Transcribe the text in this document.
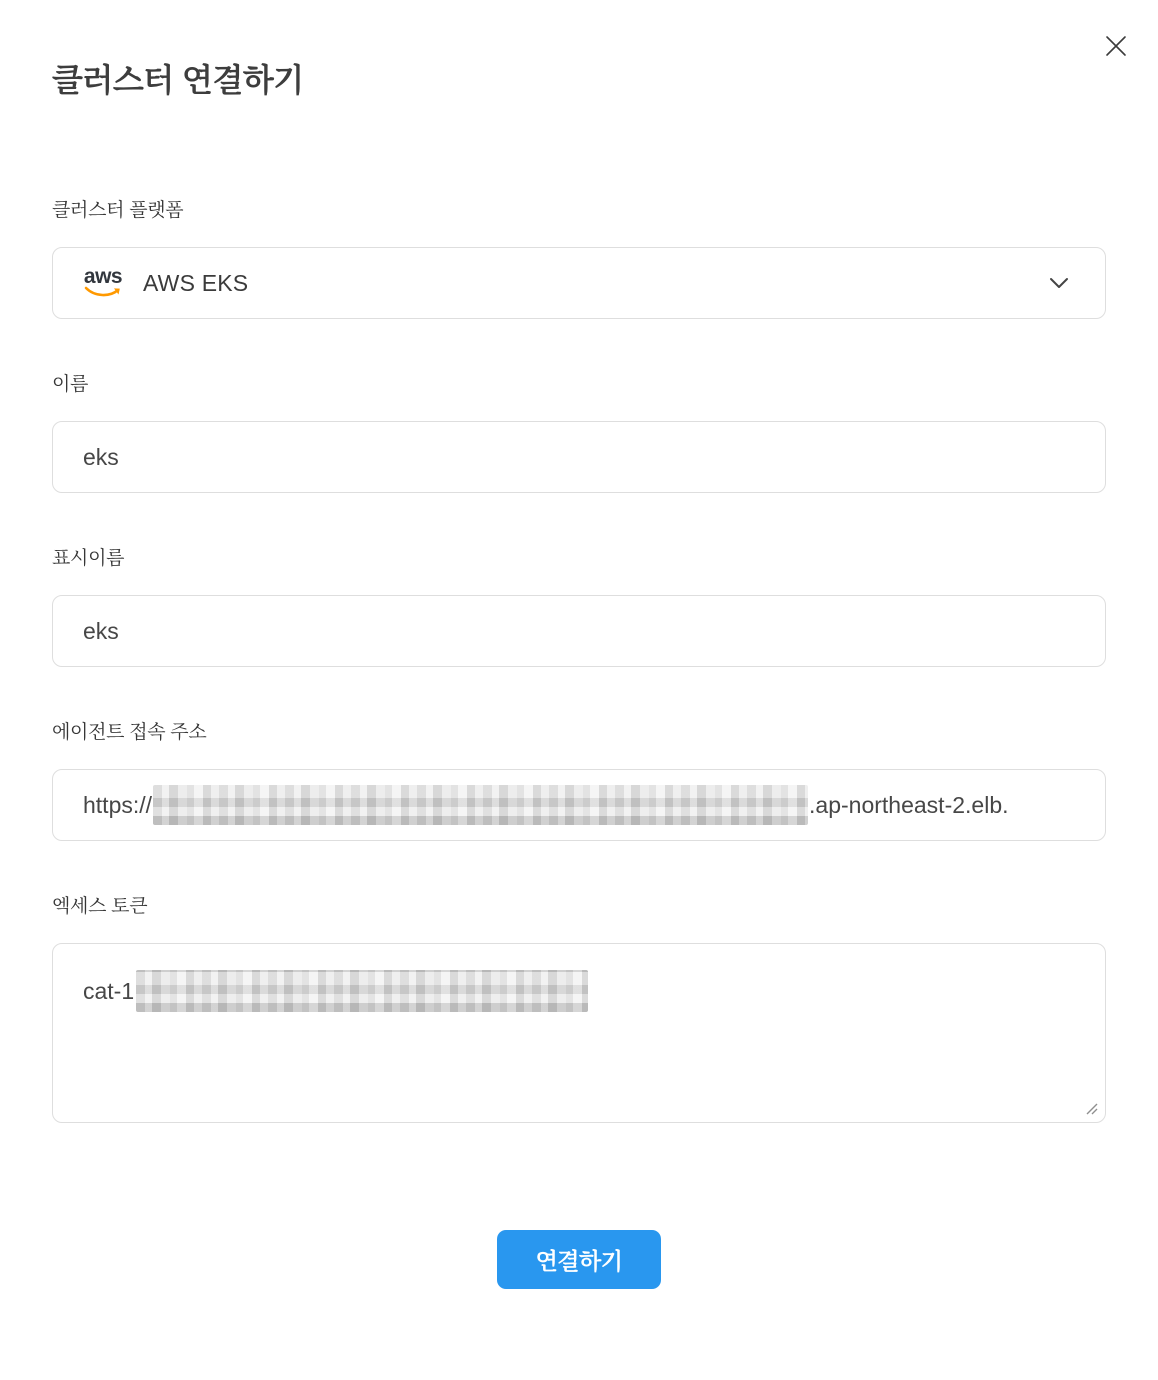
클러스터 연결하기
클러스터 플랫폼
aws AWS EKS
이름
eks
표시이름
eks
에이전트 접속 주소
https://	.ap-northeast-2.elb.
엑세스 토큰
cat-1
연결하기
